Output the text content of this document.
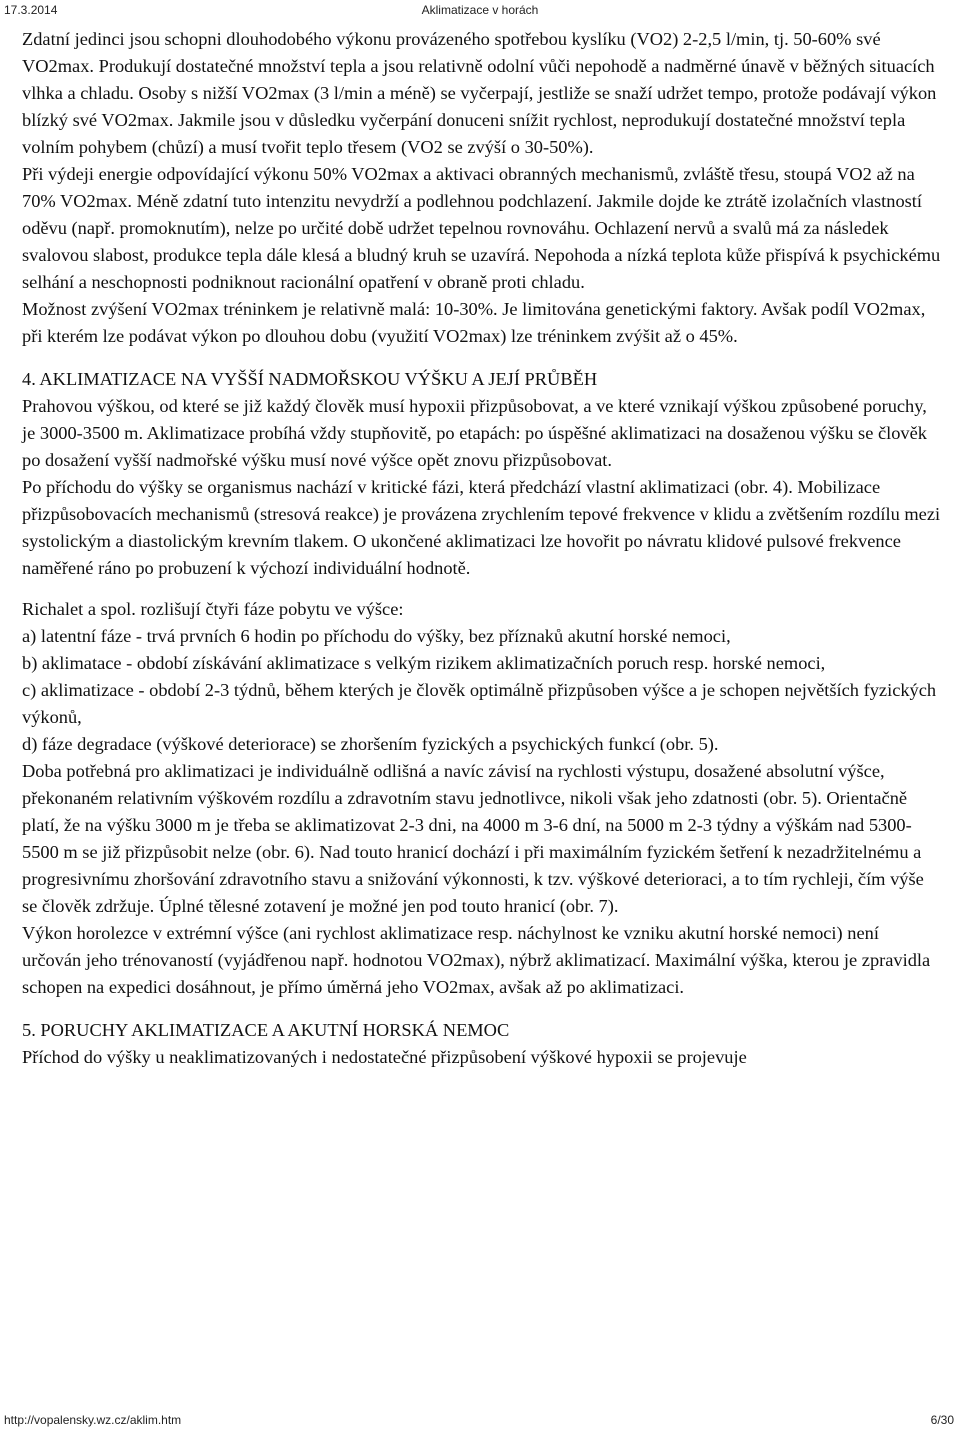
17.3.2014	Aklimatizace v horách

Zdatní jedinci jsou schopni dlouhodobého výkonu provázeného spotřebou kyslíku (VO2) 2-2,5 l/min, tj. 50-60% své VO2max. Produkují dostatečné množství tepla a jsou relativně odolní vůči nepohodě a nadměrné únavě v běžných situacích vlhka a chladu. Osoby s nižší VO2max (3 l/min a méně) se vyčerpají, jestliže se snaží udržet tempo, protože podávají výkon blízký své VO2max. Jakmile jsou v důsledku vyčerpání donuceni snížit rychlost, neprodukují dostatečné množství tepla volním pohybem (chůzí) a musí tvořit teplo třesem (VO2 se zvýší o 30-50%).

Při výdeji energie odpovídající výkonu 50% VO2max a aktivaci obranných mechanismů, zvláště třesu, stoupá VO2 až na 70% VO2max. Méně zdatní tuto intenzitu nevydrží a podlehnou podchlazení. Jakmile dojde ke ztrátě izolačních vlastností oděvu (např. promoknutím), nelze po určité době udržet tepelnou rovnováhu. Ochlazení nervů a svalů má za následek svalovou slabost, produkce tepla dále klesá a bludný kruh se uzavírá. Nepohoda a nízká teplota kůže přispívá k psychickému selhání a neschopnosti podniknout racionální opatření v obraně proti chladu.

Možnost zvýšení VO2max tréninkem je relativně malá: 10-30%. Je limitována genetickými faktory. Avšak podíl VO2max, při kterém lze podávat výkon po dlouhou dobu (využití VO2max) lze tréninkem zvýšit až o 45%.

4. AKLIMATIZACE NA VYŠŠÍ NADMOŘSKOU VÝŠKU A JEJÍ PRŮBĚH

Prahovou výškou, od které se již každý člověk musí hypoxii přizpůsobovat, a ve které vznikají výškou způsobené poruchy, je 3000-3500 m. Aklimatizace probíhá vždy stupňovitě, po etapách: po úspěšné aklimatizaci na dosaženou výšku se člověk po dosažení vyšší nadmořské výšku musí nové výšce opět znovu přizpůsobovat.

Po příchodu do výšky se organismus nachází v kritické fázi, která předchází vlastní aklimatizaci (obr. 4). Mobilizace přizpůsobovacích mechanismů (stresová reakce) je provázena zrychlením tepové frekvence v klidu a zvětšením rozdílu mezi systolickým a diastolickým krevním tlakem. O ukončené aklimatizaci lze hovořit po návratu klidové pulsové frekvence naměřené ráno po probuzení k výchozí individuální hodnotě.

Richalet a spol. rozlišují čtyři fáze pobytu ve výšce:

a) latentní fáze - trvá prvních 6 hodin po příchodu do výšky, bez příznaků akutní horské nemoci,

b) aklimatace - období získávání aklimatizace s velkým rizikem aklimatizačních poruch resp. horské nemoci,

c) aklimatizace - období 2-3 týdnů, během kterých je člověk optimálně přizpůsoben výšce a je schopen největších fyzických výkonů,

d) fáze degradace (výškové deteriorace) se zhoršením fyzických a psychických funkcí (obr. 5).

Doba potřebná pro aklimatizaci je individuálně odlišná a navíc závisí na rychlosti výstupu, dosažené absolutní výšce, překonaném relativním výškovém rozdílu a zdravotním stavu jednotlivce, nikoli však jeho zdatnosti (obr. 5). Orientačně platí, že na výšku 3000 m je třeba se aklimatizovat 2-3 dni, na 4000 m 3-6 dní, na 5000 m 2-3 týdny a výškám nad 5300-5500 m se již přizpůsobit nelze (obr. 6). Nad touto hranicí dochází i při maximálním fyzickém šetření k nezadržitelnému a progresivnímu zhoršování zdravotního stavu a snižování výkonnosti, k tzv. výškové deterioraci, a to tím rychleji, čím výše se člověk zdržuje. Úplné tělesné zotavení je možné jen pod touto hranicí (obr. 7).

Výkon horolezce v extrémní výšce (ani rychlost aklimatizace resp. náchylnost ke vzniku akutní horské nemoci) není určován jeho trénovaností (vyjádřenou např. hodnotou VO2max), nýbrž aklimatizací. Maximální výška, kterou je zpravidla schopen na expedici dosáhnout, je přímo úměrná jeho VO2max, avšak až po aklimatizaci.

5. PORUCHY AKLIMATIZACE A AKUTNÍ HORSKÁ NEMOC

Příchod do výšky u neaklimatizovaných i nedostatečné přizpůsobení výškové hypoxii se projevuje

http://vopalensky.wz.cz/aklim.htm	6/30
